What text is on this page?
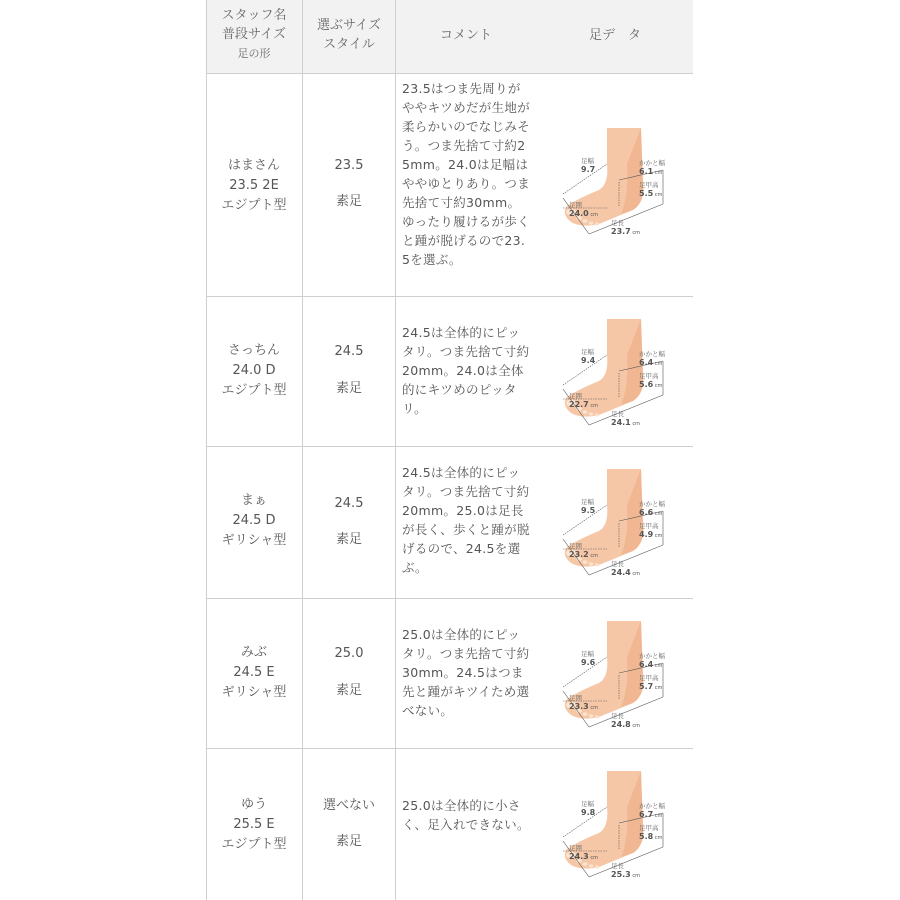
スタッフ名
普段サイズ
足の形
選ぶサイズ
スタイル
コメント	足デ　タ
はまさん
23.5 2E
エジプト型
23.5
素足
23.5はつま先周りがややキツめだが生地が柔らかいのでなじみそう。つま先捨て寸約25mm。24.0は足幅はややゆとりあり。つま先捨て寸約30mm。ゆったり履けるが歩くと踵が脱げるので23.5を選ぶ。
足幅
9.7
かかと幅
6.1 cm
足甲高
5.5 cm
足囲
24.0 cm
足長
23.7 cm
さっちん
24.0 D
エジプト型
24.5
素足
24.5は全体的にピッタリ。つま先捨て寸約20mm。24.0は全体的にキツめのピッタリ。
足幅
9.4
かかと幅
6.4 cm
足甲高
5.6 cm
足囲
22.7 cm
足長
24.1 cm
まぁ
24.5 D
ギリシャ型
24.5
素足
24.5は全体的にピッタリ。つま先捨て寸約20mm。25.0は足長が長く、歩くと踵が脱げるので、24.5を選ぶ。
足幅
9.5
かかと幅
6.6 cm
足甲高
4.9 cm
足囲
23.2 cm
足長
24.4 cm
みぶ
24.5 E
ギリシャ型
25.0
素足
25.0は全体的にピッタリ。つま先捨て寸約30mm。24.5はつま先と踵がキツイため選べない。
足幅
9.6
かかと幅
6.4 cm
足甲高
5.7 cm
足囲
23.3 cm
足長
24.8 cm
ゆう
25.5 E
エジプト型
選べない
素足
25.0は全体的に小さく、足入れできない。
足幅
9.8
かかと幅
6.7 cm
足甲高
5.8 cm
足囲
24.3 cm
足長
25.3 cm
